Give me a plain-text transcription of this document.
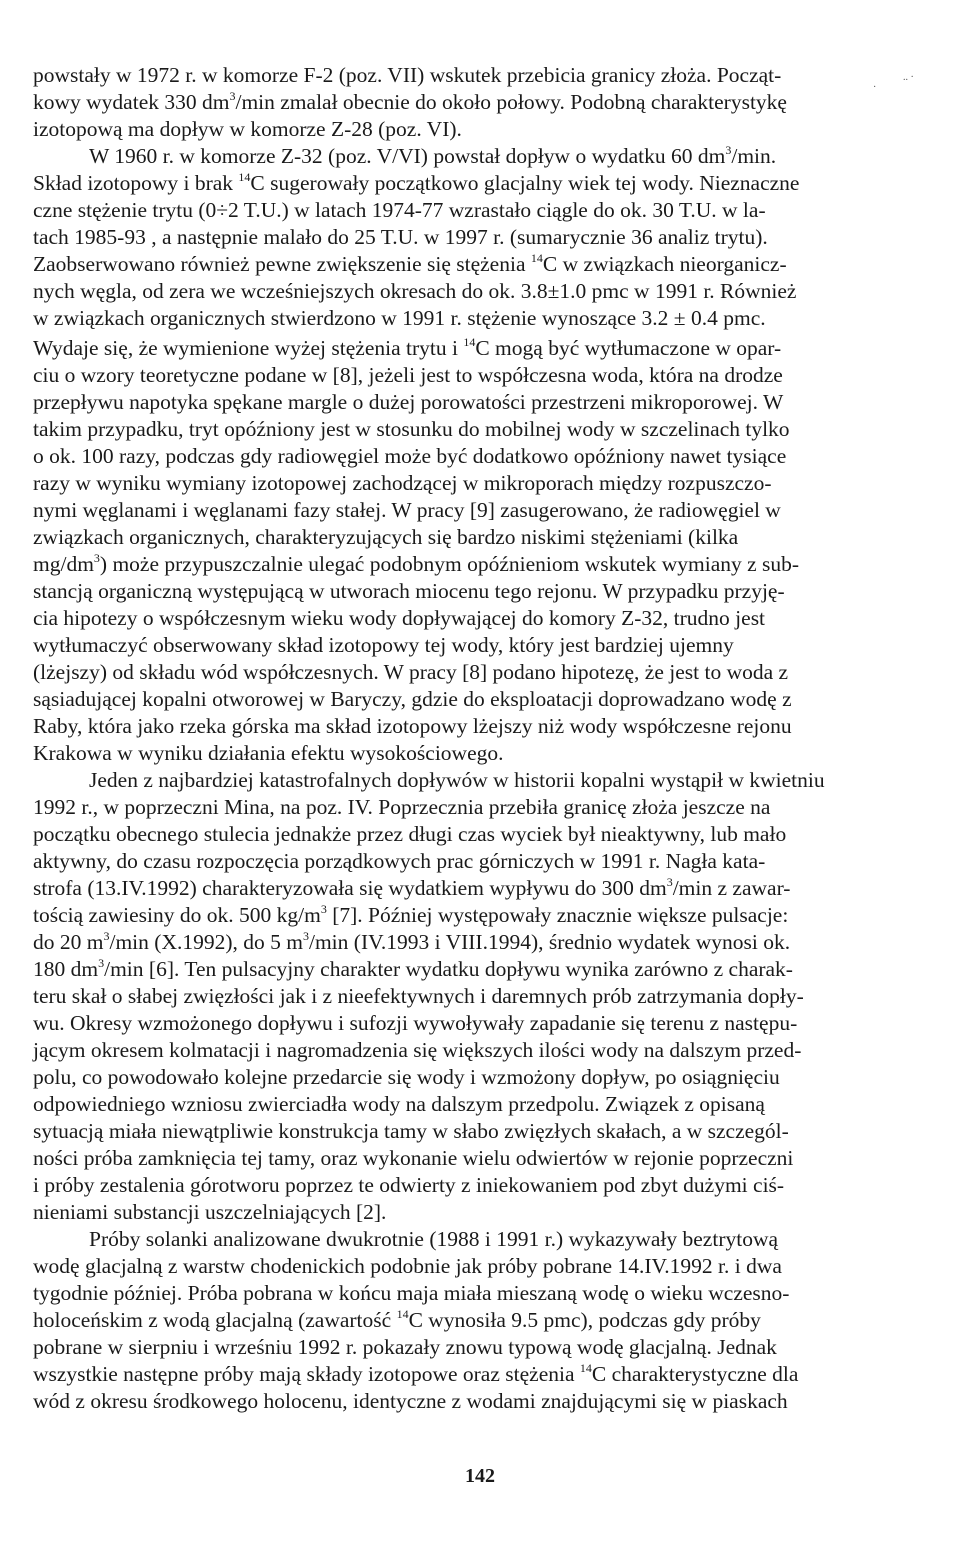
powstały w 1972 r. w komorze F-2 (poz. VII) wskutek przebicia granicy złoża. Począt-
kowy wydatek 330 $dm^3/\min$ zmalał obecnie do około połowy. Podobną charakterystykę
izotopową ma dopływ w komorze Z-28 (poz. VI).
W 1960 r. w komorze Z-32 (poz. V/VI) powstał dopływ o wydatku 60 $dm^3/\min$.
Skład izotopowy i brak $^{14}$C sugerowały początkowo glacjalny wiek tej wody. Nieznaczne
czne stężenie trytu (0÷2 T.U.) w latach 1974-77 wzrastało ciągle do ok. 30 T.U. w la-
tach 1985-93 , a następnie malało do 25 T.U. w 1997 r. (sumarycznie 36 analiz trytu).
Zaobserwowano również pewne zwiększenie się stężenia $^{14}$C w związkach nieorganicz-
nych węgla, od zera we wcześniejszych okresach do ok. 3.8±1.0 pmc w 1991 r. Również
w związkach organicznych stwierdzono w 1991 r. stężenie wynoszące 3.2 ± 0.4 pmc.
Wydaje się, że wymienione wyżej stężenia trytu i $^{14}$C mogą być wytłumaczone w opar-
ciu o wzory teoretyczne podane w [8], jeżeli jest to współczesna woda, która na drodze
przepływu napotyka spękane margle o dużej porowatości przestrzeni mikroporowej. W
takim przypadku, tryt opóźniony jest w stosunku do mobilnej wody w szczelinach tylko
o ok. 100 razy, podczas gdy radiowęgiel może być dodatkowo opóźniony nawet tysiące
razy w wyniku wymiany izotopowej zachodzącej w mikroporach między rozpuszczo-
nymi węglanami i węglanami fazy stałej. W pracy [9] zasugerowano, że radiowęgiel w
związkach organicznych, charakteryzujących się bardzo niskimi stężeniami (kilka
$mg/dm^3$) może przypuszczalnie ulegać podobnym opóźnieniom wskutek wymiany z sub-
stancją organiczną występującą w utworach miocenu tego rejonu. W przypadku przyję-
cia hipotezy o współczesnym wieku wody dopływającej do komory Z-32, trudno jest
wytłumaczyć obserwowany skład izotopowy tej wody, który jest bardziej ujemny
(lżejszy) od składu wód współczesnych. W pracy [8] podano hipotezę, że jest to woda z
sąsiadującej kopalni otworowej w Baryczy, gdzie do eksploatacji doprowadzano wodę z
Raby, która jako rzeka górska ma skład izotopowy lżejszy niż wody współczesne rejonu
Krakowa w wyniku działania efektu wysokościowego.
Jeden z najbardziej katastrofalnych dopływów w historii kopalni wystąpił w kwietniu
1992 r., w poprzeczni Mina, na poz. IV. Poprzecznia przebiła granicę złoża jeszcze na
początku obecnego stulecia jednakże przez długi czas wyciek był nieaktywny, lub mało
aktywny, do czasu rozpoczęcia porządkowych prac górniczych w 1991 r. Nagła kata-
strofa (13.IV.1992) charakteryzowała się wydatkiem wypływu do 300 $dm^3/\min$ z zawar-
tością zawiesiny do ok. 500 $kg/m^3$ [7]. Później występowały znacznie większe pulsacje:
do 20 $m^3/\min$ (X.1992), do 5 $m^3/\min$ (IV.1993 i VIII.1994), średnio wydatek wynosi ok.
180 $dm^3/\min$ [6]. Ten pulsacyjny charakter wydatku dopływu wynika zarówno z charak-
teru skał o słabej zwięzłości jak i z nieefektywnych i daremnych prób zatrzymania dopły-
wu. Okresy wzmożonego dopływu i sufozji wywoływały zapadanie się terenu z następu-
jącym okresem kolmatacji i nagromadzenia się większych ilości wody na dalszym przed-
polu, co powodowało kolejne przedarcie się wody i wzmożony dopływ, po osiągnięciu
odpowiedniego wzniosu zwierciadła wody na dalszym przedpolu. Związek z opisaną
sytuacją miała niewątpliwie konstrukcja tamy w słabo zwięzłych skałach, a w szczegól-
ności próba zamknięcia tej tamy, oraz wykonanie wielu odwiertów w rejonie poprzeczni
i próby zestalenia górotworu poprzez te odwierty z iniekowaniem pod zbyt dużymi ciś-
nieniami substancji uszczelniających [2].
Próby solanki analizowane dwukrotnie (1988 i 1991 r.) wykazywały beztrytową
wodę glacjalną z warstw chodenickich podobnie jak próby pobrane 14.IV.1992 r. i dwa
tygodnie później. Próba pobrana w końcu maja miała mieszaną wodę o wieku wczesno-
holoceńskim z wodą glacjalną (zawartość $^{14}$C wynosiła 9.5 pmc), podczas gdy próby
pobrane w sierpniu i wrześniu 1992 r. pokazały znowu typową wodę glacjalną. Jednak
wszystkie następne próby mają składy izotopowe oraz stężenia $^{14}$C charakterystyczne dla
wód z okresu środkowego holocenu, identyczne z wodami znajdującymi się w piaskach
142
.. ·
·
